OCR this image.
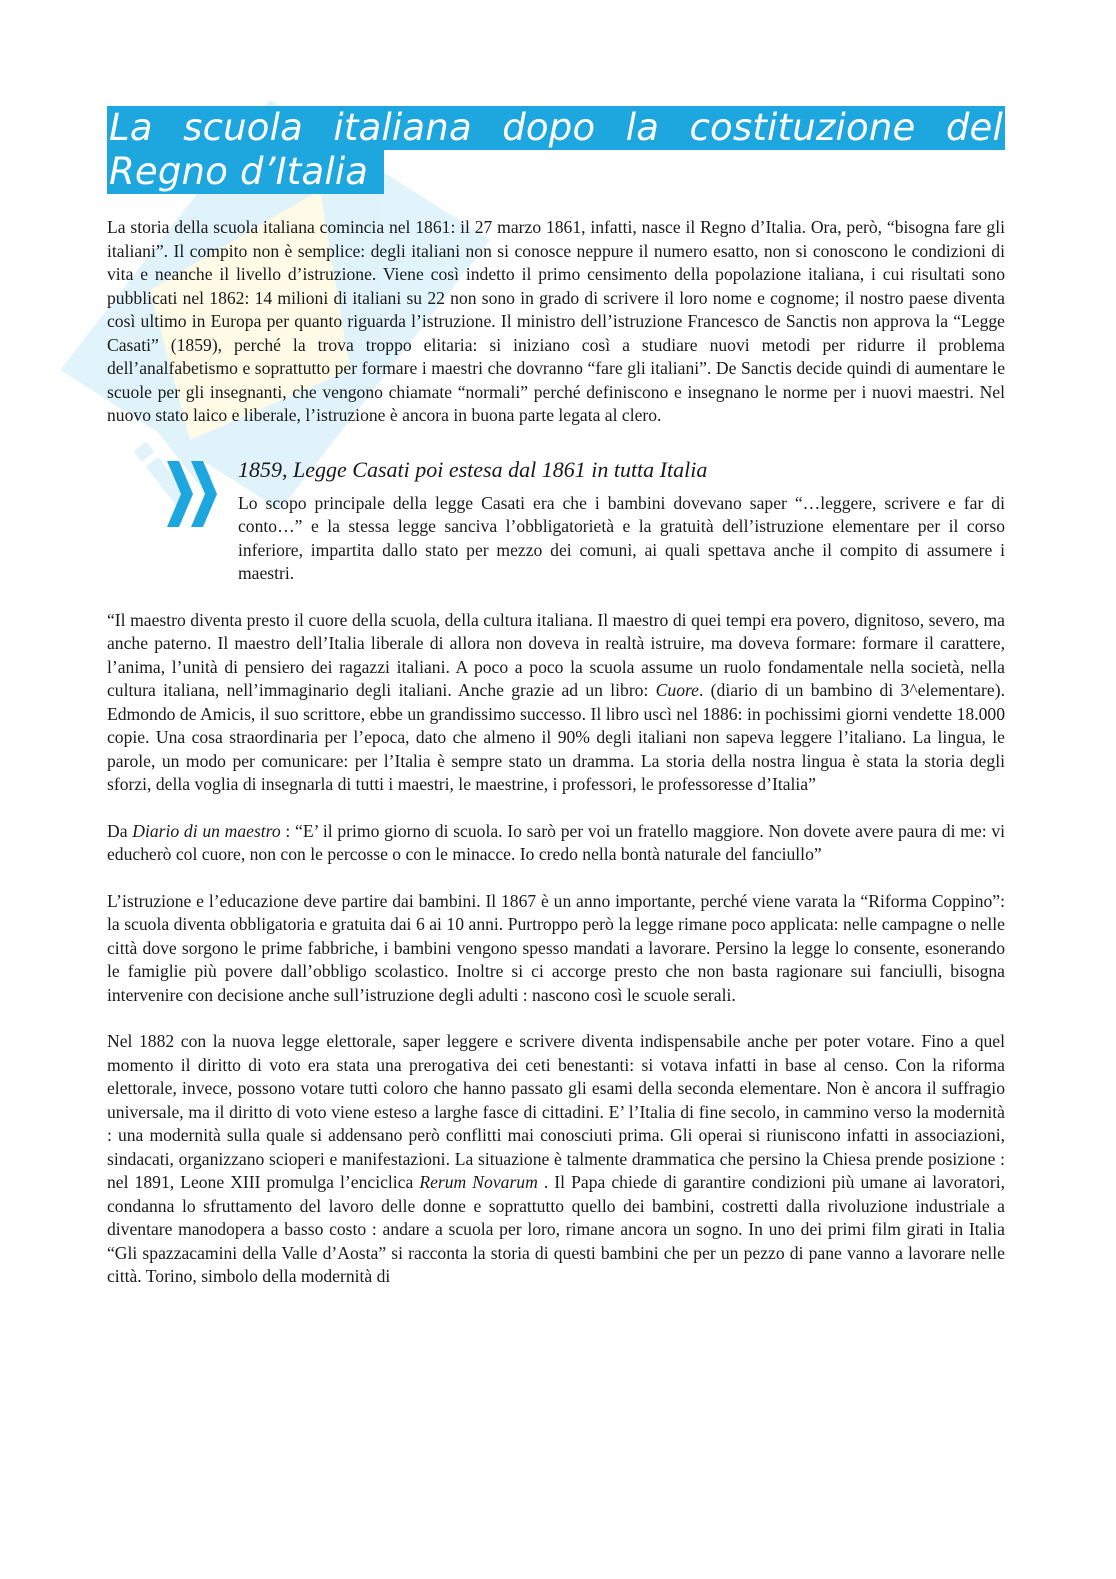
il
La scuola italiana dopo la costituzione del
Regno d’Italia

La storia della scuola italiana comincia nel 1861: il 27 marzo 1861, infatti, nasce il Regno d’Italia. Ora, però, “bisogna fare gli italiani”. Il compito non è semplice: degli italiani non si conosce neppure il numero esatto, non si conoscono le condizioni di vita e neanche il livello d’istruzione. Viene così indetto il primo censimento della popolazione italiana, i cui risultati sono pubblicati nel 1862: 14 milioni di italiani su 22 non sono in grado di scrivere il loro nome e cognome; il nostro paese diventa così ultimo in Europa per quanto riguarda l’istruzione. Il ministro dell’istruzione Francesco de Sanctis non approva la “Legge Casati” (1859), perché la trova troppo elitaria: si iniziano così a studiare nuovi metodi per ridurre il problema dell’analfabetismo e soprattutto per formare i maestri che dovranno “fare gli italiani”. De Sanctis decide quindi di aumentare le scuole per gli insegnanti, che vengono chiamate “normali” perché definiscono e insegnano le norme per i nuovi maestri. Nel nuovo stato laico e liberale, l’istruzione è ancora in buona parte legata al clero.

1859, Legge Casati poi estesa dal 1861 in tutta Italia

Lo scopo principale della legge Casati era che i bambini dovevano saper “…leggere, scrivere e far di conto…” e la stessa legge sanciva l’obbligatorietà e la gratuità dell’istruzione elementare per il corso inferiore, impartita dallo stato per mezzo dei comuni, ai quali spettava anche il compito di assumere i maestri.

“Il maestro diventa presto il cuore della scuola, della cultura italiana. Il maestro di quei tempi era povero, dignitoso, severo, ma anche paterno. Il maestro dell’Italia liberale di allora non doveva in realtà istruire, ma doveva formare: formare il carattere, l’anima, l’unità di pensiero dei ragazzi italiani. A poco a poco la scuola assume un ruolo fondamentale nella società, nella cultura italiana, nell’immaginario degli italiani. Anche grazie ad un libro: Cuore. (diario di un bambino di 3^elementare). Edmondo de Amicis, il suo scrittore, ebbe un grandissimo successo. Il libro uscì nel 1886: in pochissimi giorni vendette 18.000 copie. Una cosa straordinaria per l’epoca, dato che almeno il 90% degli italiani non sapeva leggere l’italiano. La lingua, le parole, un modo per comunicare: per l’Italia è sempre stato un dramma. La storia della nostra lingua è stata la storia degli sforzi, della voglia di insegnarla di tutti i maestri, le maestrine, i professori, le professoresse d’Italia”

Da Diario di un maestro : “E’ il primo giorno di scuola. Io sarò per voi un fratello maggiore. Non dovete avere paura di me: vi educherò col cuore, non con le percosse o con le minacce. Io credo nella bontà naturale del fanciullo”

L’istruzione e l’educazione deve partire dai bambini. Il 1867 è un anno importante, perché viene varata la “Riforma Coppino”: la scuola diventa obbligatoria e gratuita dai 6 ai 10 anni. Purtroppo però la legge rimane poco applicata: nelle campagne o nelle città dove sorgono le prime fabbriche, i bambini vengono spesso mandati a lavorare. Persino la legge lo consente, esonerando le famiglie più povere dall’obbligo scolastico. Inoltre si ci accorge presto che non basta ragionare sui fanciulli, bisogna intervenire con decisione anche sull’istruzione degli adulti : nascono così le scuole serali.

Nel 1882 con la nuova legge elettorale, saper leggere e scrivere diventa indispensabile anche per poter votare. Fino a quel momento il diritto di voto era stata una prerogativa dei ceti benestanti: si votava infatti in base al censo. Con la riforma elettorale, invece, possono votare tutti coloro che hanno passato gli esami della seconda elementare. Non è ancora il suffragio universale, ma il diritto di voto viene esteso a larghe fasce di cittadini. E’ l’Italia di fine secolo, in cammino verso la modernità : una modernità sulla quale si addensano però conflitti mai conosciuti prima. Gli operai si riuniscono infatti in associazioni, sindacati, organizzano scioperi e manifestazioni. La situazione è talmente drammatica che persino la Chiesa prende posizione : nel 1891, Leone XIII promulga l’enciclica Rerum Novarum . Il Papa chiede di garantire condizioni più umane ai lavoratori, condanna lo sfruttamento del lavoro delle donne e soprattutto quello dei bambini, costretti dalla rivoluzione industriale a diventare manodopera a basso costo : andare a scuola per loro, rimane ancora un sogno. In uno dei primi film girati in Italia “Gli spazzacamini della Valle d’Aosta” si racconta la storia di questi bambini che per un pezzo di pane vanno a lavorare nelle città. Torino, simbolo della modernità di
